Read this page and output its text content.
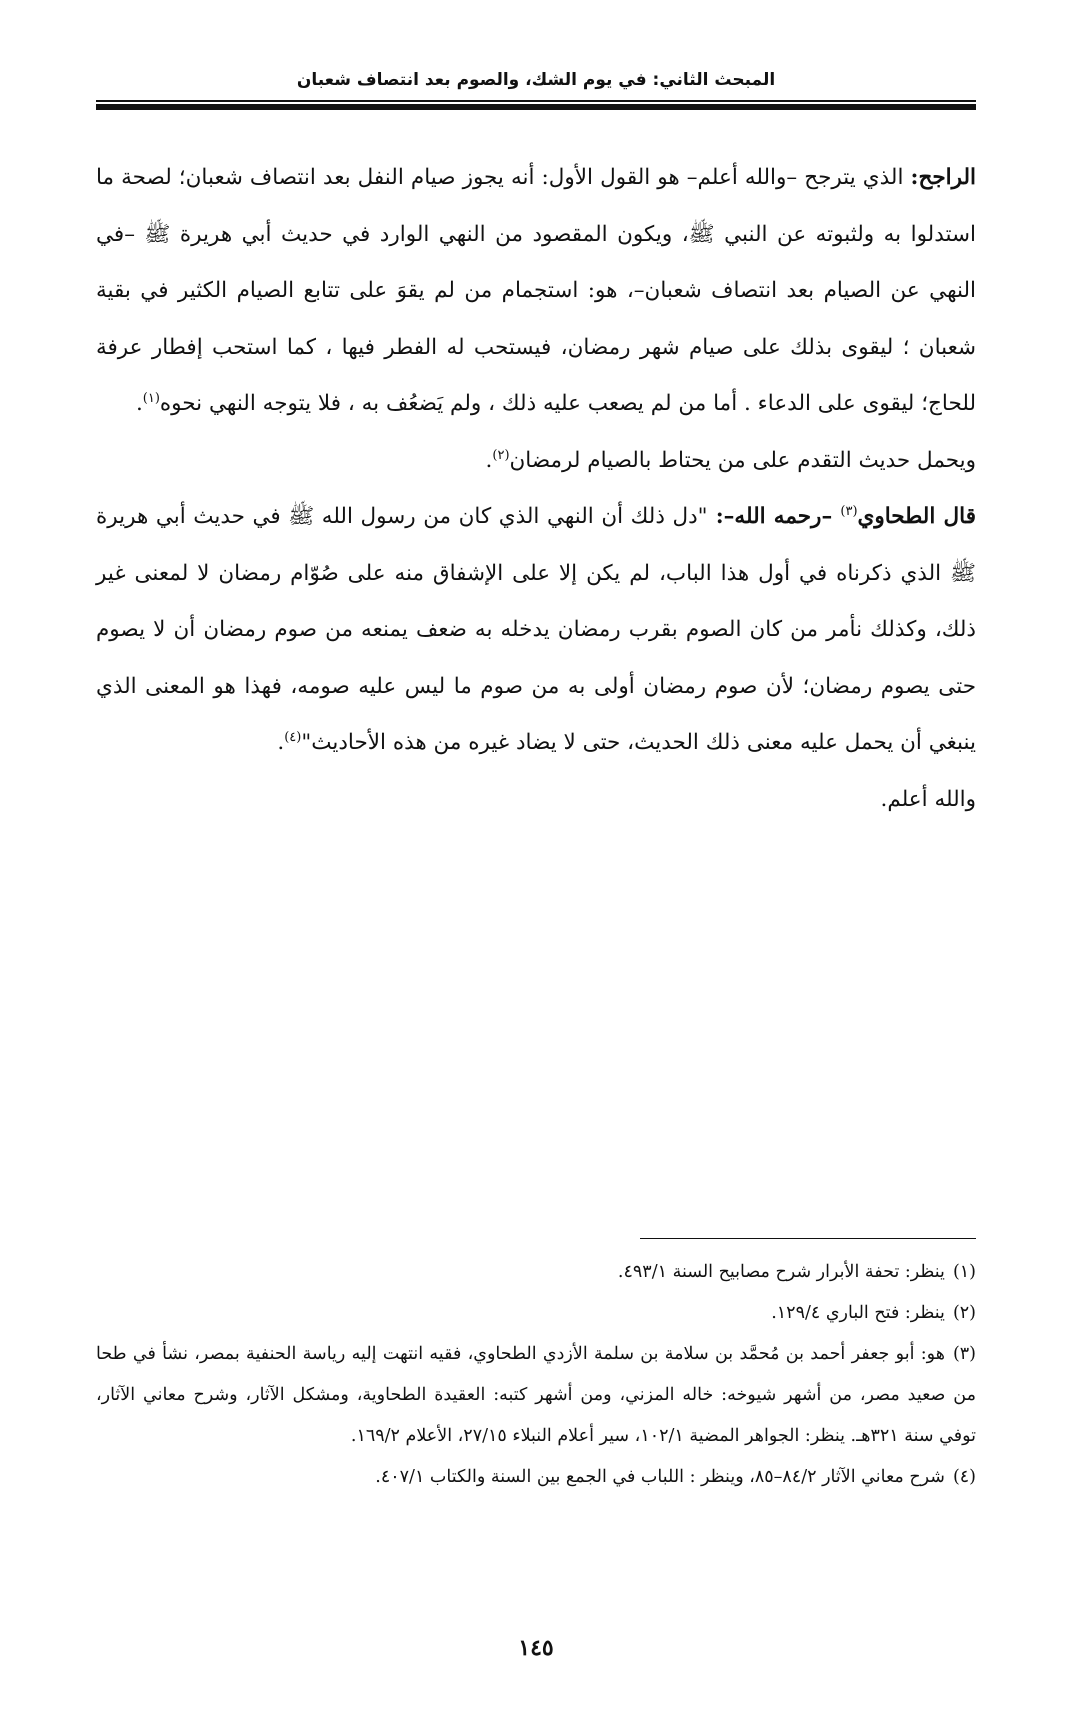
المبحث الثاني: في يوم الشك، والصوم بعد انتصاف شعبان

الراجح: الذي يترجح –والله أعلم– هو القول الأول: أنه يجوز صيام النفل بعد انتصاف شعبان؛ لصحة ما استدلوا به ولثبوته عن النبي ﷺ، ويكون المقصود من النهي الوارد في حديث أبي هريرة ﷺ –في النهي عن الصيام بعد انتصاف شعبان–، هو: استجمام من لم يقوَ على تتابع الصيام الكثير في بقية شعبان ؛ ليقوى بذلك على صيام شهر رمضان، فيستحب له الفطر فيها ، كما استحب إفطار عرفة للحاج؛ ليقوى على الدعاء . أما من لم يصعب عليه ذلك ، ولم يَضعُف به ، فلا يتوجه النهي نحوه$^{(١)}$.

ويحمل حديث التقدم على من يحتاط بالصيام لرمضان$^{(٢)}$.

قال الطحاوي$^{(٣)}$ –رحمه الله–: "دل ذلك أن النهي الذي كان من رسول الله ﷺ في حديث أبي هريرة ﷺ الذي ذكرناه في أول هذا الباب، لم يكن إلا على الإشفاق منه على صُوّام رمضان لا لمعنى غير ذلك، وكذلك نأمر من كان الصوم بقرب رمضان يدخله به ضعف يمنعه من صوم رمضان أن لا يصوم حتى يصوم رمضان؛ لأن صوم رمضان أولى به من صوم ما ليس عليه صومه، فهذا هو المعنى الذي ينبغي أن يحمل عليه معنى ذلك الحديث، حتى لا يضاد غيره من هذه الأحاديث"$^{(٤)}$.

والله أعلم.

(١)ينظر: تحفة الأبرار شرح مصابيح السنة ٤٩٣/١.

(٢)ينظر: فتح الباري ١٢٩/٤.

(٣)هو: أبو جعفر أحمد بن مُحمَّد بن سلامة بن سلمة الأزدي الطحاوي، فقيه انتهت إليه رياسة الحنفية بمصر، نشأ في طحا من صعيد مصر، من أشهر شيوخه: خاله المزني، ومن أشهر كتبه: العقيدة الطحاوية، ومشكل الآثار، وشرح معاني الآثار، توفي سنة ٣٢١هـ. ينظر: الجواهر المضية ١٠٢/١، سير أعلام النبلاء ٢٧/١٥، الأعلام ١٦٩/٢.

(٤)شرح معاني الآثار ٨٤/٢–٨٥، وينظر : اللباب في الجمع بين السنة والكتاب ٤٠٧/١.

١٤٥
